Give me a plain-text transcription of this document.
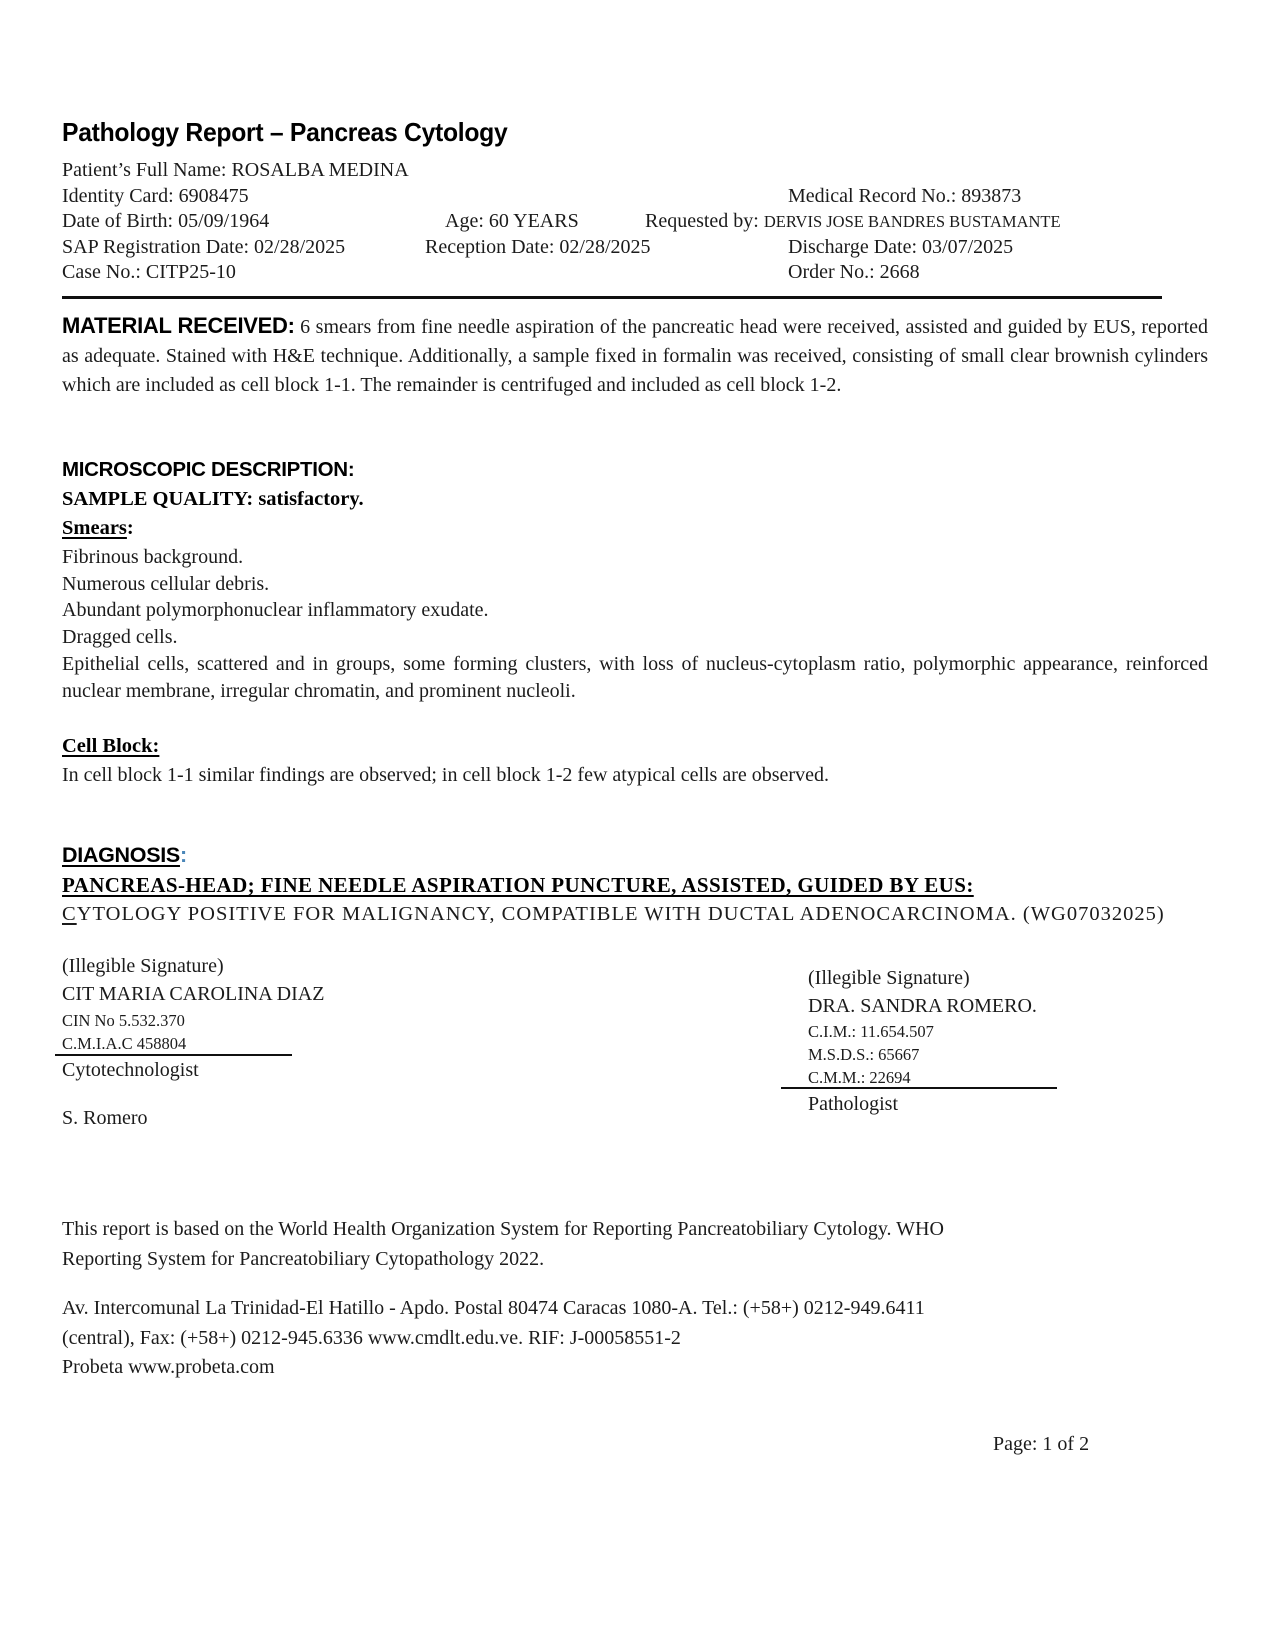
Pathology Report – Pancreas Cytology
Patient’s Full Name: ROSALBA MEDINA
Identity Card: 6908475	Medical Record No.: 893873
Date of Birth: 05/09/1964	Age: 60 YEARS	Requested by: DERVIS JOSE BANDRES BUSTAMANTE
SAP Registration Date: 02/28/2025	Reception Date: 02/28/2025	Discharge Date: 03/07/2025
Case No.: CITP25-10	Order No.: 2668
MATERIAL RECEIVED: 6 smears from fine needle aspiration of the pancreatic head were received, assisted and guided by EUS, reported as adequate. Stained with H&E technique. Additionally, a sample fixed in formalin was received, consisting of small clear brownish cylinders which are included as cell block 1-1. The remainder is centrifuged and included as cell block 1-2.
MICROSCOPIC DESCRIPTION:
SAMPLE QUALITY: satisfactory.
Smears:
Fibrinous background.
Numerous cellular debris.
Abundant polymorphonuclear inflammatory exudate.
Dragged cells.
Epithelial cells, scattered and in groups, some forming clusters, with loss of nucleus-cytoplasm ratio, polymorphic appearance, reinforced nuclear membrane, irregular chromatin, and prominent nucleoli.
Cell Block:
In cell block 1-1 similar findings are observed; in cell block 1-2 few atypical cells are observed.
DIAGNOSIS:
PANCREAS-HEAD; FINE NEEDLE ASPIRATION PUNCTURE, ASSISTED, GUIDED BY EUS:
CYTOLOGY POSITIVE FOR MALIGNANCY, COMPATIBLE WITH DUCTAL ADENOCARCINOMA. (WG07032025)
(Illegible Signature)
CIT MARIA CAROLINA DIAZ
CIN No 5.532.370
C.M.I.A.C 458804
Cytotechnologist
S. Romero
(Illegible Signature)
DRA. SANDRA ROMERO.
C.I.M.: 11.654.507
M.S.D.S.: 65667
C.M.M.: 22694
Pathologist
This report is based on the World Health Organization System for Reporting Pancreatobiliary Cytology. WHO
Reporting System for Pancreatobiliary Cytopathology 2022.
Av. Intercomunal La Trinidad-El Hatillo - Apdo. Postal 80474 Caracas 1080-A. Tel.: (+58+) 0212-949.6411
(central), Fax: (+58+) 0212-945.6336 www.cmdlt.edu.ve. RIF: J-00058551-2
Probeta www.probeta.com
Page: 1 of 2
